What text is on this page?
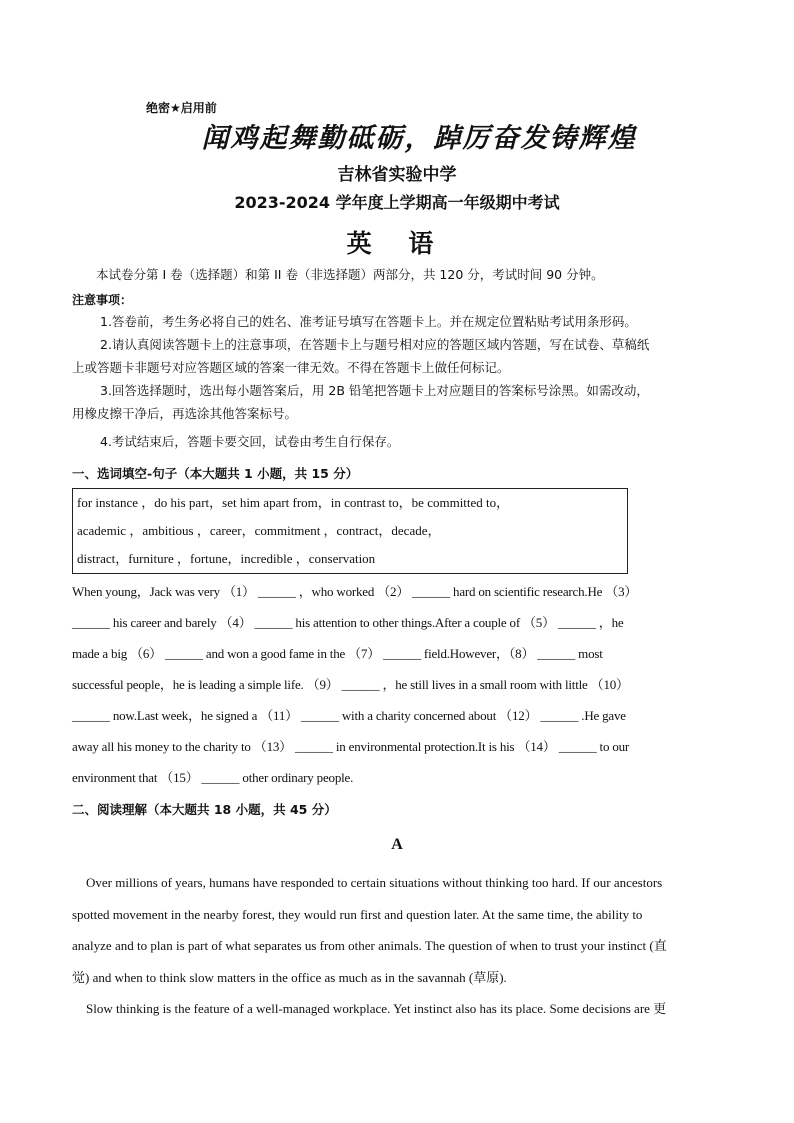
绝密★启用前
闻鸡起舞勤砥砺，踔厉奋发铸辉煌
吉林省实验中学
2023-2024 学年度上学期高一年级期中考试
英 语
本试卷分第 I 卷（选择题）和第 II 卷（非选择题）两部分，共 120 分，考试时间 90 分钟。
注意事项：
1.答卷前，考生务必将自己的姓名、准考证号填写在答题卡上。并在规定位置粘贴考试用条形码。
2.请认真阅读答题卡上的注意事项，在答题卡上与题号相对应的答题区域内答题，写在试卷、草稿纸
上或答题卡非题号对应答题区域的答案一律无效。不得在答题卡上做任何标记。
3.回答选择题时，选出每小题答案后，用 2B 铅笔把答题卡上对应题目的答案标号涂黑。如需改动，
用橡皮擦干净后，再选涂其他答案标号。
4.考试结束后，答题卡要交回，试卷由考生自行保存。
一、选词填空-句子（本大题共 1 小题，共 15 分）
for instance ，do his part，set him apart from，in contrast to，be committed to，
academic ，ambitious ，career，commitment ，contract，decade，
distract，furniture ，fortune，incredible ，conservation
When young，Jack was very （1） ______ ，who worked （2） ______ hard on scientific research.He （3）
______ his career and barely （4） ______ his attention to other things.After a couple of （5） ______ ，he
made a big （6） ______ and won a good fame in the （7） ______ field.However，（8） ______ most
successful people，he is leading a simple life. （9） ______ ，he still lives in a small room with little （10）
______ now.Last week，he signed a （11） ______ with a charity concerned about （12） ______ .He gave
away all his money to the charity to （13） ______ in environmental protection.It is his （14） ______ to our
environment that （15） ______ other ordinary people.
二、阅读理解（本大题共 18 小题，共 45 分）
A
Over millions of years, humans have responded to certain situations without thinking too hard. If our ancestors
spotted movement in the nearby forest, they would run first and question later. At the same time, the ability to
analyze and to plan is part of what separates us from other animals. The question of when to trust your instinct (直
觉) and when to think slow matters in the office as much as in the savannah (草原).
Slow thinking is the feature of a well-managed workplace. Yet instinct also has its place. Some decisions are 更
